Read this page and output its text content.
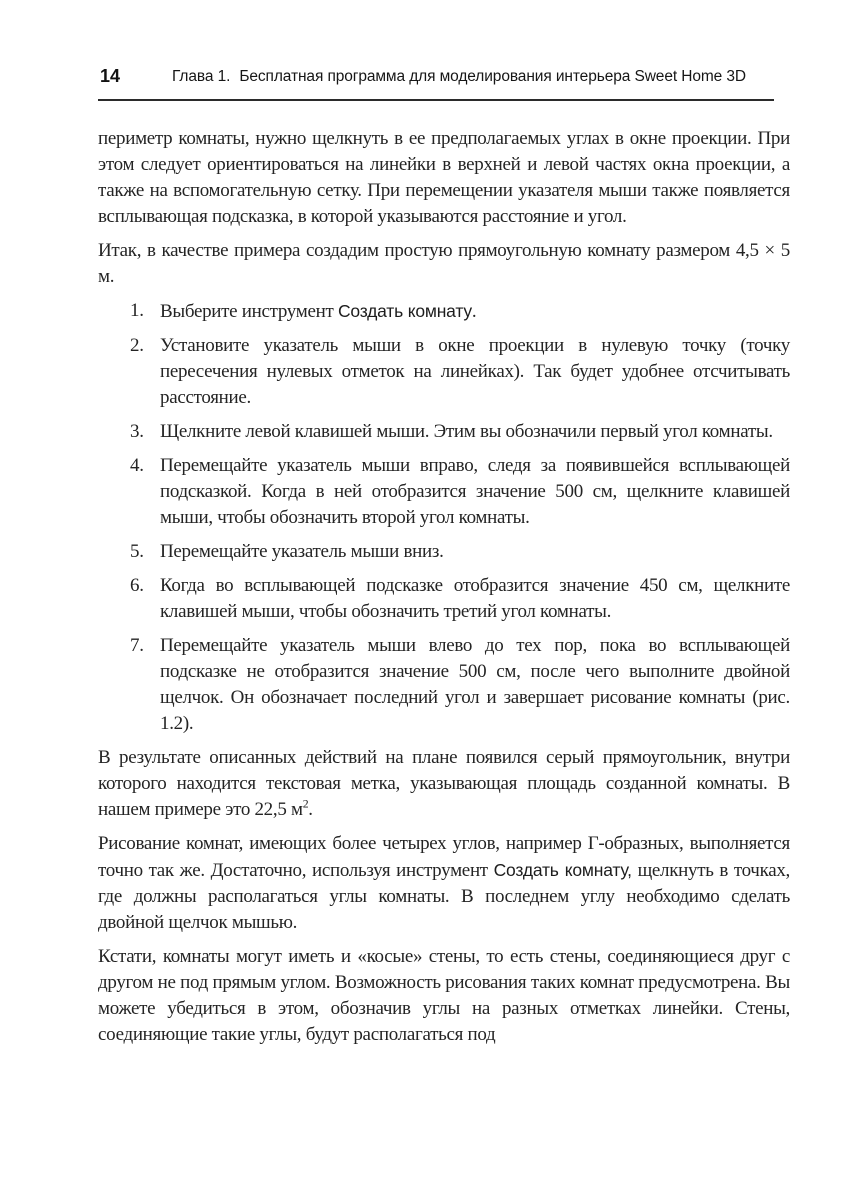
14	Глава 1. Бесплатная программа для моделирования интерьера Sweet Home 3D

периметр комнаты, нужно щелкнуть в ее предполагаемых углах в окне проекции. При этом следует ориентироваться на линейки в верхней и левой частях окна проекции, а также на вспомогательную сетку. При перемещении указателя мыши также появляется всплывающая подсказка, в которой указываются расстояние и угол.

Итак, в качестве примера создадим простую прямоугольную комнату размером 4,5 × 5 м.

1. Выберите инструмент Создать комнату.
2. Установите указатель мыши в окне проекции в нулевую точку (точку пересечения нулевых отметок на линейках). Так будет удобнее отсчитывать расстояние.
3. Щелкните левой клавишей мыши. Этим вы обозначили первый угол комнаты.
4. Перемещайте указатель мыши вправо, следя за появившейся всплывающей подсказкой. Когда в ней отобразится значение 500 см, щелкните клавишей мыши, чтобы обозначить второй угол комнаты.
5. Перемещайте указатель мыши вниз.
6. Когда во всплывающей подсказке отобразится значение 450 см, щелкните клавишей мыши, чтобы обозначить третий угол комнаты.
7. Перемещайте указатель мыши влево до тех пор, пока во всплывающей подсказке не отобразится значение 500 см, после чего выполните двойной щелчок. Он обозначает последний угол и завершает рисование комнаты (рис. 1.2).

В результате описанных действий на плане появился серый прямоугольник, внутри которого находится текстовая метка, указывающая площадь созданной комнаты. В нашем примере это 22,5 $м^2$.

Рисование комнат, имеющих более четырех углов, например Г-образных, выполняется точно так же. Достаточно, используя инструмент Создать комнату, щелкнуть в точках, где должны располагаться углы комнаты. В последнем углу необходимо сделать двойной щелчок мышью.

Кстати, комнаты могут иметь и «косые» стены, то есть стены, соединяющиеся друг с другом не под прямым углом. Возможность рисования таких комнат предусмотрена. Вы можете убедиться в этом, обозначив углы на разных отметках линейки. Стены, соединяющие такие углы, будут располагаться под
